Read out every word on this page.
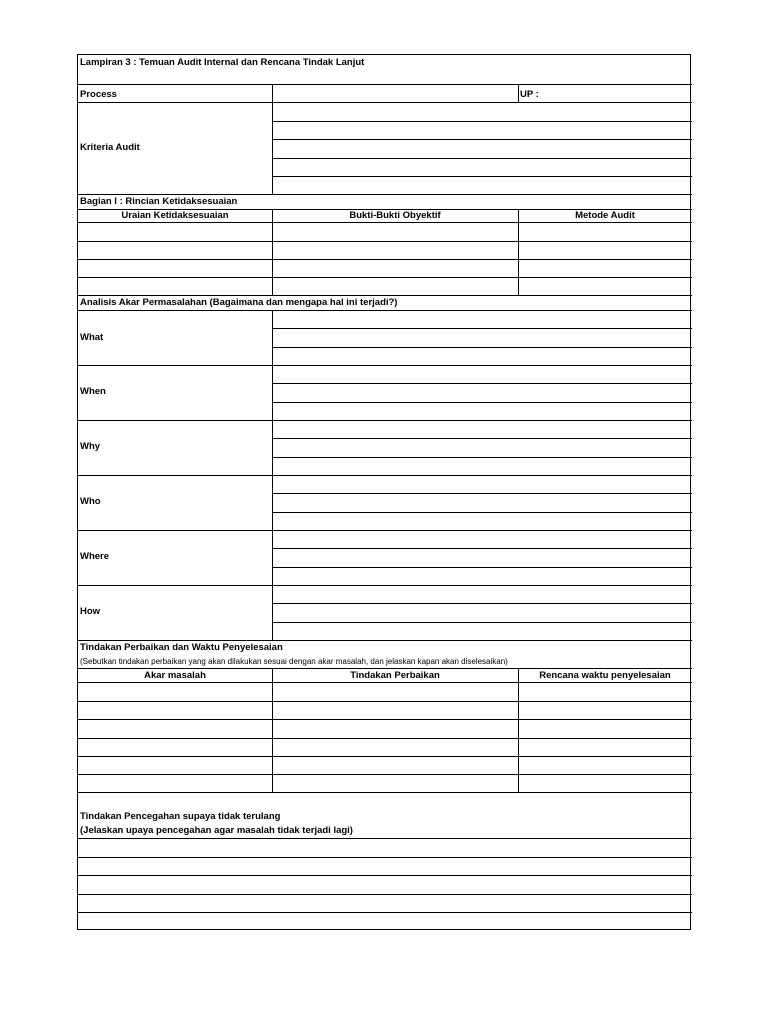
Lampiran 3 : Temuan Audit Internal dan Rencana Tindak Lanjut
Process	UP :
Kriteria Audit
Bagian I : Rincian Ketidaksesuaian
Uraian Ketidaksesuaian	Bukti-Bukti Obyektif	Metode Audit
Analisis Akar Permasalahan (Bagaimana dan mengapa hal ini terjadi?)
What
When
Why
Who
Where
How
Tindakan Perbaikan dan Waktu Penyelesaian
(Sebutkan tindakan perbaikan yang akan dilakukan sesuai dengan akar masalah, dan jelaskan kapan akan diselesaikan)
Akar masalah	Tindakan Perbaikan	Rencana waktu penyelesaian
Tindakan Pencegahan supaya tidak terulang
(Jelaskan upaya pencegahan agar masalah tidak terjadi lagi)
